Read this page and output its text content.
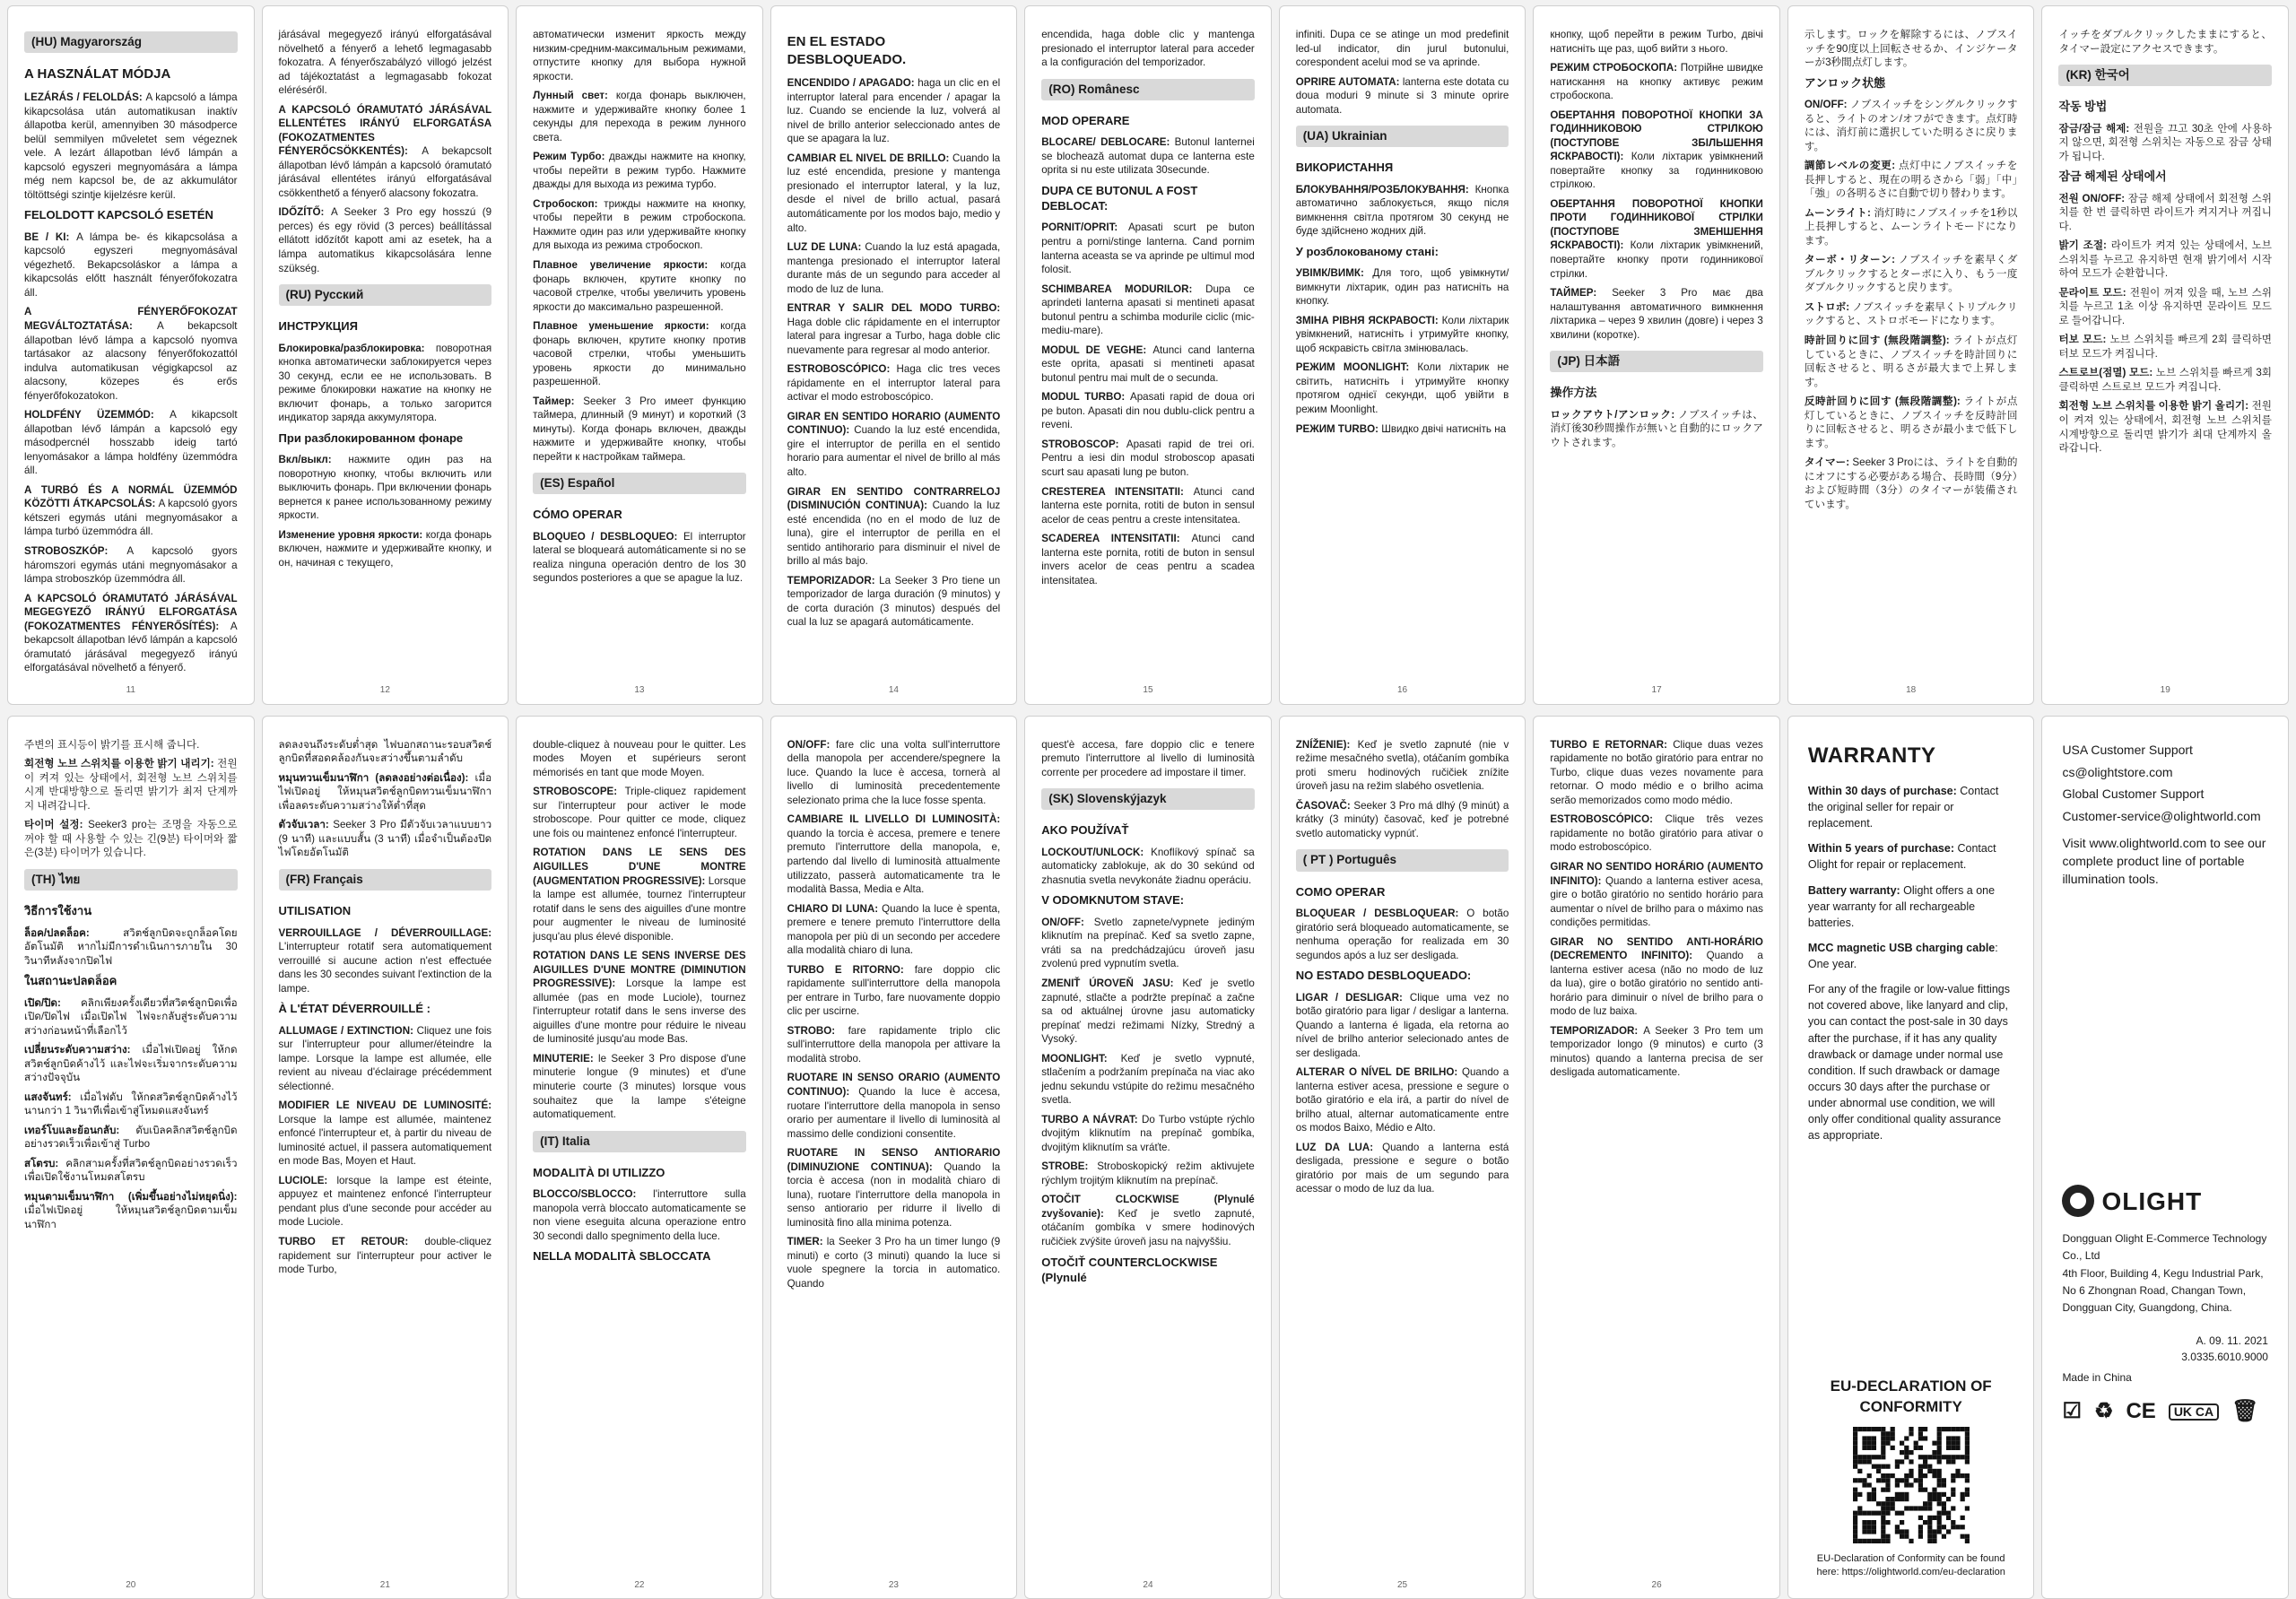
(HU) Magyarország
A HASZNÁLAT MÓDJA

LEZÁRÁS / FELOLDÁS: A kapcsoló a lámpa kikapcsolása után automatikusan inaktív állapotba kerül, amennyiben 30 másodperce belül semmilyen műveletet sem végeznek vele. A lezárt állapotban lévő lámpán a kapcsoló egyszeri megnyomására a lámpa még nem kapcsol be, de az akkumulátor töltöttségi szintje kijelzésre kerül.

FELOLDOTT KAPCSOLÓ ESETÉN

BE / KI: A lámpa be- és kikapcsolása a kapcsoló egyszeri megnyomásával végezhető. Bekapcsoláskor a lámpa a kikapcsolás előtt használt fényerőfokozatra áll.

A FÉNYERŐFOKOZAT MEGVÁLTOZTATÁSA: A bekapcsolt állapotban lévő lámpa a kapcsoló nyomva tartásakor az alacsony fényerőfokozattól indulva automatikusan végigkapcsol az alacsony, közepes és erős fényerőfokozatokon.

HOLDFÉNY ÜZEMMÓD: A kikapcsolt állapotban lévő lámpán a kapcsoló egy másodpercnél hosszabb ideig tartó lenyomásakor a lámpa holdfény üzemmódra áll.

A TURBÓ ÉS A NORMÁL ÜZEMMÓD KÖZÖTTI ÁTKAPCSOLÁS: A kapcsoló gyors kétszeri egymás utáni megnyomásakor a lámpa turbó üzemmódra áll.

STROBOSZKÓP: A kapcsoló gyors háromszori egymás utáni megnyomásakor a lámpa stroboszkóp üzemmódra áll.

A KAPCSOLÓ ÓRAMUTATÓ JÁRÁSÁVAL MEGEGYEZŐ IRÁNYÚ ELFORGATÁSA (FOKOZATMENTES FÉNYERŐSÍTÉS): A bekapcsolt állapotban lévő lámpán a kapcsoló óramutató járásával megegyező irányú elforgatásával növelhető a fényerő.

11

járásával megegyező irányú elforgatásával növelhető a fényerő a lehető legmagasabb fokozatra. A fényerőszabályzó villogó jelzést ad tájékoztatást a legmagasabb fokozat eléréséről.

A KAPCSOLÓ ÓRAMUTATÓ JÁRÁSÁVAL ELLENTÉTES IRÁNYÚ ELFORGATÁSA (FOKOZATMENTES FÉNYERŐCSÖKKENTÉS): A bekapcsolt állapotban lévő lámpán a kapcsoló óramutató járásával ellentétes irányú elforgatásával csökkenthető a fényerő alacsony fokozatra.

IDŐZÍTŐ: A Seeker 3 Pro egy hosszú (9 perces) és egy rövid (3 perces) beállítással ellátott időzítőt kapott ami az esetek, ha a lámpa automatikus kikapcsolására lenne szükség.

(RU) Русский
ИНСТРУКЦИЯ

Блокировка/разблокировка: поворотная кнопка автоматически заблокируется через 30 секунд, если ее не использовать. В режиме блокировки нажатие на кнопку не включит фонарь, а только загорится индикатор заряда аккумулятора.

При разблокированном фонаре

Вкл/выкл: нажмите один раз на поворотную кнопку, чтобы включить или выключить фонарь. При включении фонарь вернется к ранее использованному режиму яркости.

Изменение уровня яркости: когда фонарь включен, нажмите и удерживайте кнопку, и он, начиная с текущего,

12

автоматически изменит яркость между низким-средним-максимальным режимами, отпустите кнопку для выбора нужной яркости.

Лунный свет: когда фонарь выключен, нажмите и удерживайте кнопку более 1 секунды для перехода в режим лунного света.

Режим Турбо: дважды нажмите на кнопку, чтобы перейти в режим турбо. Нажмите дважды для выхода из режима турбо.

Стробоскоп: трижды нажмите на кнопку, чтобы перейти в режим стробоскопа. Нажмите один раз или удерживайте кнопку для выхода из режима стробоскоп.

Плавное увеличение яркости: когда фонарь включен, крутите кнопку по часовой стрелке, чтобы увеличить уровень яркости до максимально разрешенной.

Плавное уменьшение яркости: когда фонарь включен, крутите кнопку против часовой стрелки, чтобы уменьшить уровень яркости до минимально разрешенной.

Таймер: Seeker 3 Pro имеет функцию таймера, длинный (9 минут) и короткий (3 минуты). Когда фонарь включен, дважды нажмите и удерживайте кнопку, чтобы перейти к настройкам таймера.

(ES) Español
CÓMO OPERAR

BLOQUEO / DESBLOQUEO: El interruptor lateral se bloqueará automáticamente si no se realiza ninguna operación dentro de los 30 segundos posteriores a que se apague la luz.

13
EN EL ESTADO DESBLOQUEADO.

ENCENDIDO / APAGADO: haga un clic en el interruptor lateral para encender / apagar la luz. Cuando se enciende la luz, volverá al nivel de brillo anterior seleccionado antes de que se apagara la luz.

CAMBIAR EL NIVEL DE BRILLO: Cuando la luz esté encendida, presione y mantenga presionado el interruptor lateral, y la luz, desde el nivel de brillo actual, pasará automáticamente por los modos bajo, medio y alto.

LUZ DE LUNA: Cuando la luz está apagada, mantenga presionado el interruptor lateral durante más de un segundo para acceder al modo de luz de luna.

ENTRAR Y SALIR DEL MODO TURBO: Haga doble clic rápidamente en el interruptor lateral para ingresar a Turbo, haga doble clic nuevamente para regresar al modo anterior.

ESTROBOSCÓPICO: Haga clic tres veces rápidamente en el interruptor lateral para activar el modo estroboscópico.

GIRAR EN SENTIDO HORARIO (AUMENTO CONTINUO): Cuando la luz esté encendida, gire el interruptor de perilla en el sentido horario para aumentar el nivel de brillo al más alto.

GIRAR EN SENTIDO CONTRARRELOJ (DISMINUCIÓN CONTINUA): Cuando la luz esté encendida (no en el modo de luz de luna), gire el interruptor de perilla en el sentido antihorario para disminuir el nivel de brillo al más bajo.

TEMPORIZADOR: La Seeker 3 Pro tiene un temporizador de larga duración (9 minutos) y de corta duración (3 minutos) después del cual la luz se apagará automáticamente.

14

encendida, haga doble clic y mantenga presionado el interruptor lateral para acceder a la configuración del temporizador.

(RO) Românesc
MOD OPERARE

BLOCARE/ DEBLOCARE: Butonul lanternei se blochează automat dupa ce lanterna este oprita si nu este utilizata 30secunde.

DUPA CE BUTONUL A FOST DEBLOCAT:

PORNIT/OPRIT: Apasati scurt pe buton pentru a porni/stinge lanterna. Cand pornim lanterna aceasta se va aprinde pe ultimul mod folosit.

SCHIMBAREA MODURILOR: Dupa ce aprindeti lanterna apasati si mentineti apasat butonul pentru a schimba modurile ciclic (mic-mediu-mare).

MODUL DE VEGHE: Atunci cand lanterna este oprita, apasati si mentineti apasat butonul pentru mai mult de o secunda.

MODUL TURBO: Apasati rapid de doua ori pe buton. Apasati din nou dublu-click pentru a reveni.

STROBOSCOP: Apasati rapid de trei ori. Pentru a iesi din modul stroboscop apasati scurt sau apasati lung pe buton.

CRESTEREA INTENSITATII: Atunci cand lanterna este pornita, rotiti de buton in sensul acelor de ceas pentru a creste intensitatea.

SCADEREA INTENSITATII: Atunci cand lanterna este pornita, rotiti de buton in sensul invers acelor de ceas pentru a scadea intensitatea.

15

infiniti. Dupa ce se atinge un mod predefinit led-ul indicator, din jurul butonului, corespondent acelui mod se va aprinde.

OPRIRE AUTOMATA: lanterna este dotata cu doua moduri 9 minute si 3 minute oprire automata.

(UA) Ukrainian
ВИКОРИСТАННЯ

БЛОКУВАННЯ/РОЗБЛОКУВАННЯ: Кнопка автоматично заблокується, якщо після вимкнення світла протягом 30 секунд не буде здійснено жодних дій.

У розблокованому стані:

УВІМК/ВИМК: Для того, щоб увімкнути/вимкнути ліхтарик, один раз натисніть на кнопку.

ЗМІНА РІВНЯ ЯСКРАВОСТІ: Коли ліхтарик увімкнений, натисніть і утримуйте кнопку, щоб яскравість світла змінювалась.

РЕЖИМ MOONLIGHT: Коли ліхтарик не світить, натисніть і утримуйте кнопку протягом однієї секунди, щоб увійти в режим Moonlight.

РЕЖИМ TURBO: Швидко двічі натисніть на

16

кнопку, щоб перейти в режим Turbo, двічі натисніть ще раз, щоб вийти з нього.

РЕЖИМ СТРОБОСКОПА: Потрійне швидке натискання на кнопку активує режим стробоскопа.

ОБЕРТАННЯ ПОВОРОТНОЇ КНОПКИ ЗА ГОДИННИКОВОЮ СТРІЛКОЮ (ПОСТУПОВЕ ЗБІЛЬШЕННЯ ЯСКРАВОСТІ): Коли ліхтарик увімкнений повертайте кнопку за годинниковою стрілкою.

ОБЕРТАННЯ ПОВОРОТНОЇ КНОПКИ ПРОТИ ГОДИННИКОВОЇ СТРІЛКИ (ПОСТУПОВЕ ЗМЕНШЕННЯ ЯСКРАВОСТІ): Коли ліхтарик увімкнений, повертайте кнопку проти годинникової стрілки.

ТАЙМЕР: Seeker 3 Pro має два налаштування автоматичного вимкнення ліхтарика – через 9 хвилин (довге) і через 3 хвилини (коротке).

(JP) 日本語
操作方法

ロックアウト/アンロック: ノブスイッチは、消灯後30秒間操作が無いと自動的にロックアウトされます。

17

示します。ロックを解除するには、ノブスイッチを90度以上回転させるか、インジケーターが3秒間点灯します。

アンロック状態

ON/OFF: ノブスイッチをシングルクリックすると、ライトのオン/オフができます。点灯時には、消灯前に選択していた明るさに戻ります。

調節レベルの変更: 点灯中にノブスイッチを長押しすると、現在の明るさから「弱」「中」「強」の各明るさに自動で切り替わります。

ムーンライト: 消灯時にノブスイッチを1秒以上長押しすると、ムーンライトモードになります。

ターボ・リターン: ノブスイッチを素早くダブルクリックするとターボに入り、もう一度ダブルクリックすると戻ります。

ストロボ: ノブスイッチを素早くトリプルクリックすると、ストロボモードになります。

時計回りに回す (無段階調整): ライトが点灯しているときに、ノブスイッチを時計回りに回転させると、明るさが最大まで上昇します。

反時計回りに回す (無段階調整): ライトが点灯しているときに、ノブスイッチを反時計回りに回転させると、明るさが最小まで低下します。

タイマー: Seeker 3 Proには、ライトを自動的にオフにする必要がある場合、長時間（9分）および短時間（3分）のタイマーが装備されています。

18

イッチをダブルクリックしたままにすると、タイマー設定にアクセスできます。

(KR) 한국어
작동 방법

잠금/잠금 해제: 전원을 끄고 30초 안에 사용하지 않으면, 회전형 스위치는 자동으로 잠금 상태가 됩니다.

잠금 해제된 상태에서

전원 ON/OFF: 잠금 해제 상태에서 회전형 스위치를 한 번 클릭하면 라이트가 켜지거나 꺼집니다.

밝기 조절: 라이트가 켜져 있는 상태에서, 노브 스위치를 누르고 유지하면 현재 밝기에서 시작하여 모드가 순환합니다.

문라이트 모드: 전원이 꺼져 있을 때, 노브 스위치를 누르고 1초 이상 유지하면 문라이트 모드로 들어갑니다.

터보 모드: 노브 스위치를 빠르게 2회 클릭하면 터보 모드가 켜집니다.

스트로브(점멸) 모드: 노브 스위치를 빠르게 3회 클릭하면 스트로브 모드가 켜집니다.

회전형 노브 스위치를 이용한 밝기 올리기: 전원이 켜져 있는 상태에서, 회전형 노브 스위치를 시계방향으로 돌리면 밝기가 최대 단계까지 올라갑니다.

19

주변의 표시등이 밝기를 표시해 줍니다.

회전형 노브 스위치를 이용한 밝기 내리기: 전원이 켜져 있는 상태에서, 회전형 노브 스위치를 시계 반대방향으로 돌리면 밝기가 최저 단계까지 내려갑니다.

타이머 설정: Seeker3 pro는 조명을 자동으로 꺼야 할 때 사용할 수 있는 긴(9분) 타이머와 짧은(3분) 타이머가 있습니다.

(TH) ไทย
วิธีการใช้งาน

ล็อค/ปลดล็อค: สวิตช์ลูกบิดจะถูกล็อคโดยอัตโนมัติ หากไม่มีการดำเนินการภายใน 30 วินาทีหลังจากปิดไฟ

ในสถานะปลดล็อค

เปิด/ปิด: คลิกเพียงครั้งเดียวที่สวิตช์ลูกบิดเพื่อเปิด/ปิดไฟ เมื่อเปิดไฟ ไฟจะกลับสู่ระดับความสว่างก่อนหน้าที่เลือกไว้

เปลี่ยนระดับความสว่าง: เมื่อไฟเปิดอยู่ ให้กดสวิตช์ลูกบิดค้างไว้ และไฟจะเริ่มจากระดับความสว่างปัจจุบัน

แสงจันทร์: เมื่อไฟดับ ให้กดสวิตช์ลูกบิดค้างไว้นานกว่า 1 วินาทีเพื่อเข้าสู่โหมดแสงจันทร์

เทอร์โบและย้อนกลับ: ดับเบิลคลิกสวิตช์ลูกบิดอย่างรวดเร็วเพื่อเข้าสู่ Turbo

สโตรบ: คลิกสามครั้งที่สวิตช์ลูกบิดอย่างรวดเร็วเพื่อเปิดใช้งานโหมดสโตรบ

หมุนตามเข็มนาฬิกา (เพิ่มขึ้นอย่างไม่หยุดนิ่ง): เมื่อไฟเปิดอยู่ ให้หมุนสวิตช์ลูกบิดตามเข็มนาฬิกา

20

ลดลงจนถึงระดับต่ำสุด ไฟบอกสถานะรอบสวิตช์ลูกบิดที่สอดคล้องกันจะสว่างขึ้นตามลำดับ

หมุนทวนเข็มนาฬิกา (ลดลงอย่างต่อเนื่อง): เมื่อไฟเปิดอยู่ ให้หมุนสวิตช์ลูกบิดทวนเข็มนาฬิกาเพื่อลดระดับความสว่างให้ต่ำที่สุด

ตัวจับเวลา: Seeker 3 Pro มีตัวจับเวลาแบบยาว (9 นาที) และแบบสั้น (3 นาที) เมื่อจำเป็นต้องปิดไฟโดยอัตโนมัติ

(FR) Français
UTILISATION

VERROUILLAGE / DÉVERROUILLAGE: L'interrupteur rotatif sera automatiquement verrouillé si aucune action n'est effectuée dans les 30 secondes suivant l'extinction de la lampe.

À L'ÉTAT DÉVERROUILLÉ :

ALLUMAGE / EXTINCTION: Cliquez une fois sur l'interrupteur pour allumer/éteindre la lampe. Lorsque la lampe est allumée, elle revient au niveau d'éclairage précédemment sélectionné.

MODIFIER LE NIVEAU DE LUMINOSITÉ: Lorsque la lampe est allumée, maintenez enfoncé l'interrupteur et, à partir du niveau de luminosité actuel, il passera automatiquement en mode Bas, Moyen et Haut.

LUCIOLE: lorsque la lampe est éteinte, appuyez et maintenez enfoncé l'interrupteur pendant plus d'une seconde pour accéder au mode Luciole.

TURBO ET RETOUR: double-cliquez rapidement sur l'interrupteur pour activer le mode Turbo,

21

double-cliquez à nouveau pour le quitter. Les modes Moyen et supérieurs seront mémorisés en tant que mode Moyen.

STROBOSCOPE: Triple-cliquez rapidement sur l'interrupteur pour activer le mode stroboscope. Pour quitter ce mode, cliquez une fois ou maintenez enfoncé l'interrupteur.

ROTATION DANS LE SENS DES AIGUILLES D'UNE MONTRE (AUGMENTATION PROGRESSIVE): Lorsque la lampe est allumée, tournez l'interrupteur rotatif dans le sens des aiguilles d'une montre pour augmenter le niveau de luminosité jusqu'au plus élevé disponible.

ROTATION DANS LE SENS INVERSE DES AIGUILLES D'UNE MONTRE (DIMINUTION PROGRESSIVE): Lorsque la lampe est allumée (pas en mode Luciole), tournez l'interrupteur rotatif dans le sens inverse des aiguilles d'une montre pour réduire le niveau de luminosité jusqu'au mode Bas.

MINUTERIE: le Seeker 3 Pro dispose d'une minuterie longue (9 minutes) et d'une minuterie courte (3 minutes) lorsque vous souhaitez que la lampe s'éteigne automatiquement.

(IT) Italia
MODALITÀ DI UTILIZZO

BLOCCO/SBLOCCO: l'interruttore sulla manopola verrà bloccato automaticamente se non viene eseguita alcuna operazione entro 30 secondi dallo spegnimento della luce.

NELLA MODALITÀ SBLOCCATA
22

ON/OFF: fare clic una volta sull'interruttore della manopola per accendere/spegnere la luce. Quando la luce è accesa, tornerà al livello di luminosità precedentemente selezionato prima che la luce fosse spenta.

CAMBIARE IL LIVELLO DI LUMINOSITÀ: quando la torcia è accesa, premere e tenere premuto l'interruttore della manopola, e, partendo dal livello di luminosità attualmente utilizzato, passerà automaticamente tra le modalità Bassa, Media e Alta.

CHIARO DI LUNA: Quando la luce è spenta, premere e tenere premuto l'interruttore della manopola per più di un secondo per accedere alla modalità chiaro di luna.

TURBO E RITORNO: fare doppio clic rapidamente sull'interruttore della manopola per entrare in Turbo, fare nuovamente doppio clic per uscirne.

STROBO: fare rapidamente triplo clic sull'interruttore della manopola per attivare la modalità strobo.

RUOTARE IN SENSO ORARIO (AUMENTO CONTINUO): Quando la luce è accesa, ruotare l'interruttore della manopola in senso orario per aumentare il livello di luminosità al massimo delle condizioni consentite.

RUOTARE IN SENSO ANTIORARIO (DIMINUZIONE CONTINUA): Quando la torcia è accesa (non in modalità chiaro di luna), ruotare l'interruttore della manopola in senso antiorario per ridurre il livello di luminosità fino alla minima potenza.

TIMER: la Seeker 3 Pro ha un timer lungo (9 minuti) e corto (3 minuti) quando la luce si vuole spegnere la torcia in automatico. Quando

23

quest'è accesa, fare doppio clic e tenere premuto l'interruttore al livello di luminosità corrente per procedere ad impostare il timer.

(SK) Slovenskýjazyk
AKO POUŽÍVAŤ

LOCKOUT/UNLOCK: Knoflíkový spínač sa automaticky zablokuje, ak do 30 sekúnd od zhasnutia svetla nevykonáte žiadnu operáciu.

V ODOMKNUTOM STAVE:

ON/OFF: Svetlo zapnete/vypnete jediným kliknutím na prepínač. Keď sa svetlo zapne, vráti sa na predchádzajúcu úroveň jasu zvolenú pred vypnutím svetla.

ZMENIŤ ÚROVEŇ JASU: Keď je svetlo zapnuté, stlačte a podržte prepínač a začne sa od aktuálnej úrovne jasu automaticky prepínať medzi režimami Nízky, Stredný a Vysoký.

MOONLIGHT: Keď je svetlo vypnuté, stlačením a podržaním prepínača na viac ako jednu sekundu vstúpite do režimu mesačného svetla.

TURBO A NÁVRAT: Do Turbo vstúpte rýchlo dvojitým kliknutím na prepínač gombíka, dvojitým kliknutím sa vráťte.

STROBE: Stroboskopický režim aktivujete rýchlym trojitým kliknutím na prepínač.

OTOČIT CLOCKWISE (Plynulé zvyšovanie): Keď je svetlo zapnuté, otáčaním gombíka v smere hodinových ručičiek zvýšite úroveň jasu na najvyššiu.

OTOČIŤ COUNTERCLOCKWISE (Plynulé
24

ZNÍŽENIE): Keď je svetlo zapnuté (nie v režime mesačného svetla), otáčaním gombíka proti smeru hodinových ručičiek znížite úroveň jasu na režim slabého osvetlenia.

ČASOVAČ: Seeker 3 Pro má dlhý (9 minút) a krátky (3 minúty) časovač, keď je potrebné svetlo automaticky vypnúť.

( PT ) Português
COMO OPERAR

BLOQUEAR / DESBLOQUEAR: O botão giratório será bloqueado automaticamente, se nenhuma operação for realizada em 30 segundos após a luz ser desligada.

NO ESTADO DESBLOQUEADO:

LIGAR / DESLIGAR: Clique uma vez no botão giratório para ligar / desligar a lanterna. Quando a lanterna é ligada, ela retorna ao nível de brilho anterior selecionado antes de ser desligada.

ALTERAR O NÍVEL DE BRILHO: Quando a lanterna estiver acesa, pressione e segure o botão giratório e ela irá, a partir do nível de brilho atual, alternar automaticamente entre os modos Baixo, Médio e Alto.

LUZ DA LUA: Quando a lanterna está desligada, pressione e segure o botão giratório por mais de um segundo para acessar o modo de luz da lua.

25

TURBO E RETORNAR: Clique duas vezes rapidamente no botão giratório para entrar no Turbo, clique duas vezes novamente para retornar. O modo médio e o brilho acima serão memorizados como modo médio.

ESTROBOSCÓPICO: Clique três vezes rapidamente no botão giratório para ativar o modo estroboscópico.

GIRAR NO SENTIDO HORÁRIO (AUMENTO INFINITO): Quando a lanterna estiver acesa, gire o botão giratório no sentido horário para aumentar o nível de brilho para o máximo nas condições permitidas.

GIRAR NO SENTIDO ANTI-HORÁRIO (DECREMENTO INFINITO): Quando a lanterna estiver acesa (não no modo de luz da lua), gire o botão giratório no sentido anti-horário para diminuir o nível de brilho para o modo de luz baixa.

TEMPORIZADOR: A Seeker 3 Pro tem um temporizador longo (9 minutos) e curto (3 minutos) quando a lanterna precisa de ser desligada automaticamente.

26
WARRANTY

Within 30 days of purchase: Contact the original seller for repair or replacement.

Within 5 years of purchase: Contact Olight for repair or replacement.

Battery warranty: Olight offers a one year warranty for all rechargeable batteries.

MCC magnetic USB charging cable: One year.

For any of the fragile or low-value fittings not covered above, like lanyard and clip, you can contact the post-sale in 30 days after the purchase, if it has any quality drawback or damage under normal use condition. If such drawback or damage occurs 30 days after the purchase or under abnormal use condition, we will only offer conditional quality assurance as appropriate.

EU-DECLARATION OF CONFORMITY
EU-Declaration of Conformity can be found here: https://olightworld.com/eu-declaration
USA Customer Support
cs@olightstore.com
Global Customer Support
Customer-service@olightworld.com
Visit www.olightworld.com to see our complete product line of portable illumination tools.
OLIGHT
Dongguan Olight E-Commerce Technology Co., Ltd
4th Floor, Building 4, Kegu Industrial Park, No 6 Zhongnan Road, Changan Town, Dongguan City, Guangdong, China.
A. 09. 11. 2021
3.0335.6010.9000
Made in China
☑ ♻ CE	UK CA 🗑
